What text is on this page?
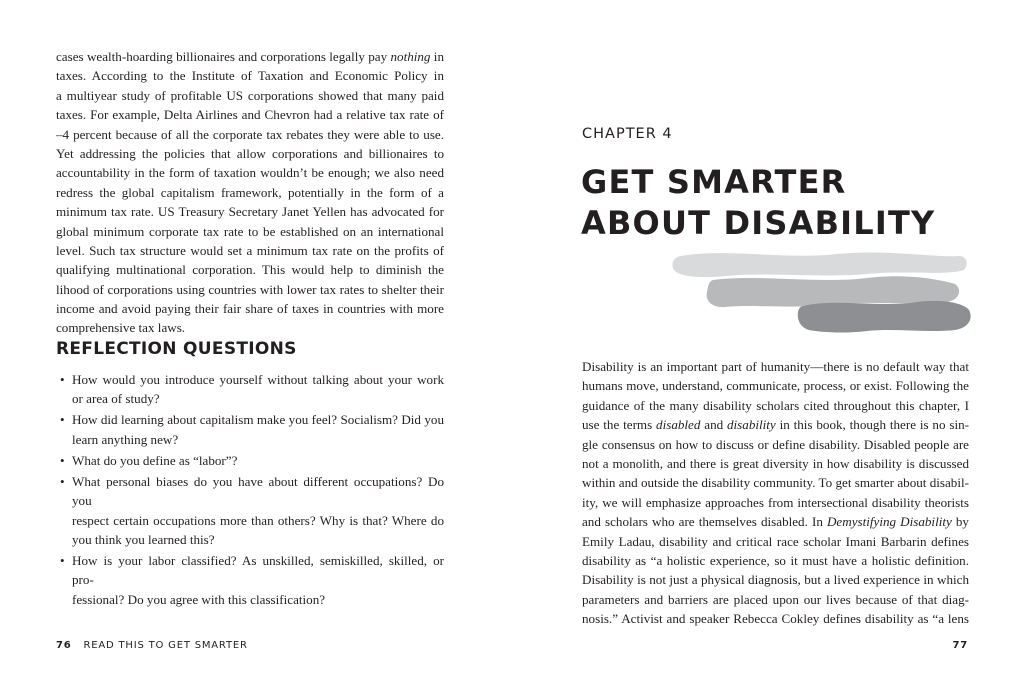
cases wealth-hoarding billionaires and corporations legally pay nothing in
taxes. According to the Institute of Taxation and Economic Policy in
a multiyear study of profitable US corporations showed that many paid
taxes. For example, Delta Airlines and Chevron had a relative tax rate of
–4 percent because of all the corporate tax rebates they were able to use.
Yet addressing the policies that allow corporations and billionaires to
accountability in the form of taxation wouldn’t be enough; we also need
redress the global capitalism framework, potentially in the form of a
minimum tax rate. US Treasury Secretary Janet Yellen has advocated for
global minimum corporate tax rate to be established on an international
level. Such tax structure would set a minimum tax rate on the profits of
qualifying multinational corporation. This would help to diminish the
lihood of corporations using countries with lower tax rates to shelter their
income and avoid paying their fair share of taxes in countries with more
comprehensive tax laws.
REFLECTION QUESTIONS
• How would you introduce yourself without talking about your work
or area of study?
• How did learning about capitalism make you feel? Socialism? Did you
learn anything new?
• What do you define as “labor”?
• What personal biases do you have about different occupations? Do you
respect certain occupations more than others? Why is that? Where do
you think you learned this?
• How is your labor classified? As unskilled, semiskilled, skilled, or pro-
fessional? Do you agree with this classification?
76 READ THIS TO GET SMARTER
CHAPTER 4
GET SMARTER
ABOUT DISABILITY
Disability is an important part of humanity—there is no default way that
humans move, understand, communicate, process, or exist. Following the
guidance of the many disability scholars cited throughout this chapter, I
use the terms disabled and disability in this book, though there is no sin-
gle consensus on how to discuss or define disability. Disabled people are
not a monolith, and there is great diversity in how disability is discussed
within and outside the disability community. To get smarter about disabil-
ity, we will emphasize approaches from intersectional disability theorists
and scholars who are themselves disabled. In Demystifying Disability by
Emily Ladau, disability and critical race scholar Imani Barbarin defines
disability as “a holistic experience, so it must have a holistic definition.
Disability is not just a physical diagnosis, but a lived experience in which
parameters and barriers are placed upon our lives because of that diag-
nosis.” Activist and speaker Rebecca Cokley defines disability as “a lens
77
